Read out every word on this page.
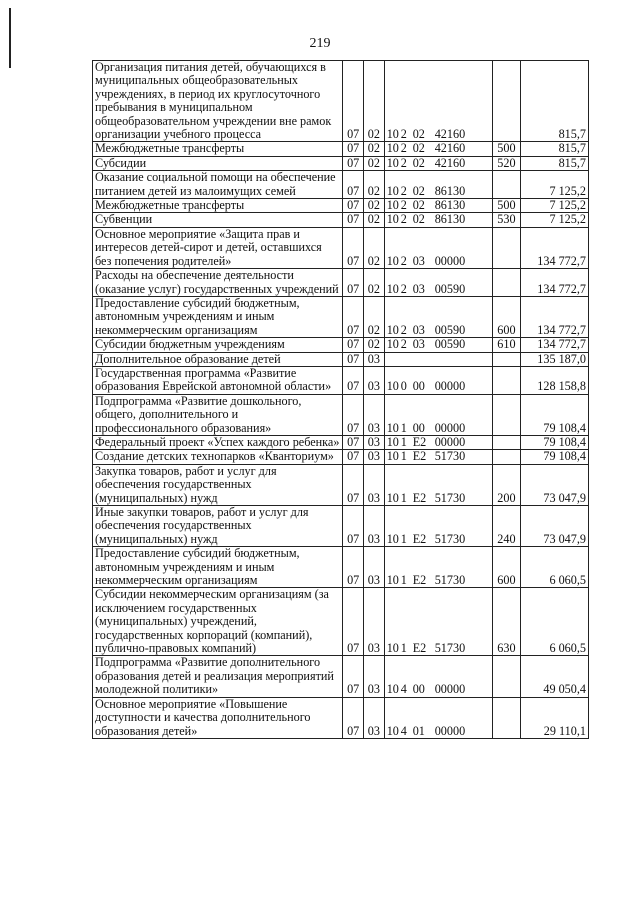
219
Организация питания детей, обучающихся в муниципальных общеобразовательных учреждениях, в период их круглосуточного пребывания в муниципальном общеобразовательном учреждении вне рамок организации учебного процесса	07	02	10 2 02 42160		815,7
Межбюджетные трансферты	07	02	10 2 02 42160	500	815,7
Субсидии	07	02	10 2 02 42160	520	815,7
Оказание социальной помощи на обеспечение питанием детей из малоимущих семей	07	02	10 2 02 86130		7 125,2
Межбюджетные трансферты	07	02	10 2 02 86130	500	7 125,2
Субвенции	07	02	10 2 02 86130	530	7 125,2
Основное мероприятие «Защита прав и интересов детей-сирот и детей, оставшихся без попечения родителей»	07	02	10 2 03 00000		134 772,7
Расходы на обеспечение деятельности (оказание услуг) государственных учреждений	07	02	10 2 03 00590		134 772,7
Предоставление субсидий бюджетным, автономным учреждениям и иным некоммерческим организациям	07	02	10 2 03 00590	600	134 772,7
Субсидии бюджетным учреждениям	07	02	10 2 03 00590	610	134 772,7
Дополнительное образование детей	07	03			135 187,0
Государственная программа «Развитие образования Еврейской автономной области»	07	03	10 0 00 00000		128 158,8
Подпрограмма «Развитие дошкольного, общего, дополнительного и профессионального образования»	07	03	10 1 00 00000		79 108,4
Федеральный проект «Успех каждого ребенка»	07	03	10 1 E2 00000		79 108,4
Создание детских технопарков «Кванториум»	07	03	10 1 E2 51730		79 108,4
Закупка товаров, работ и услуг для обеспечения государственных (муниципальных) нужд	07	03	10 1 E2 51730	200	73 047,9
Иные закупки товаров, работ и услуг для обеспечения государственных (муниципальных) нужд	07	03	10 1 E2 51730	240	73 047,9
Предоставление субсидий бюджетным, автономным учреждениям и иным некоммерческим организациям	07	03	10 1 E2 51730	600	6 060,5
Субсидии некоммерческим организациям (за исключением государственных (муниципальных) учреждений, государственных корпораций (компаний), публично-правовых компаний)	07	03	10 1 E2 51730	630	6 060,5
Подпрограмма «Развитие дополнительного образования детей и реализация мероприятий молодежной политики»	07	03	10 4 00 00000		49 050,4
Основное мероприятие «Повышение доступности и качества дополнительного образования детей»	07	03	10 4 01 00000		29 110,1
